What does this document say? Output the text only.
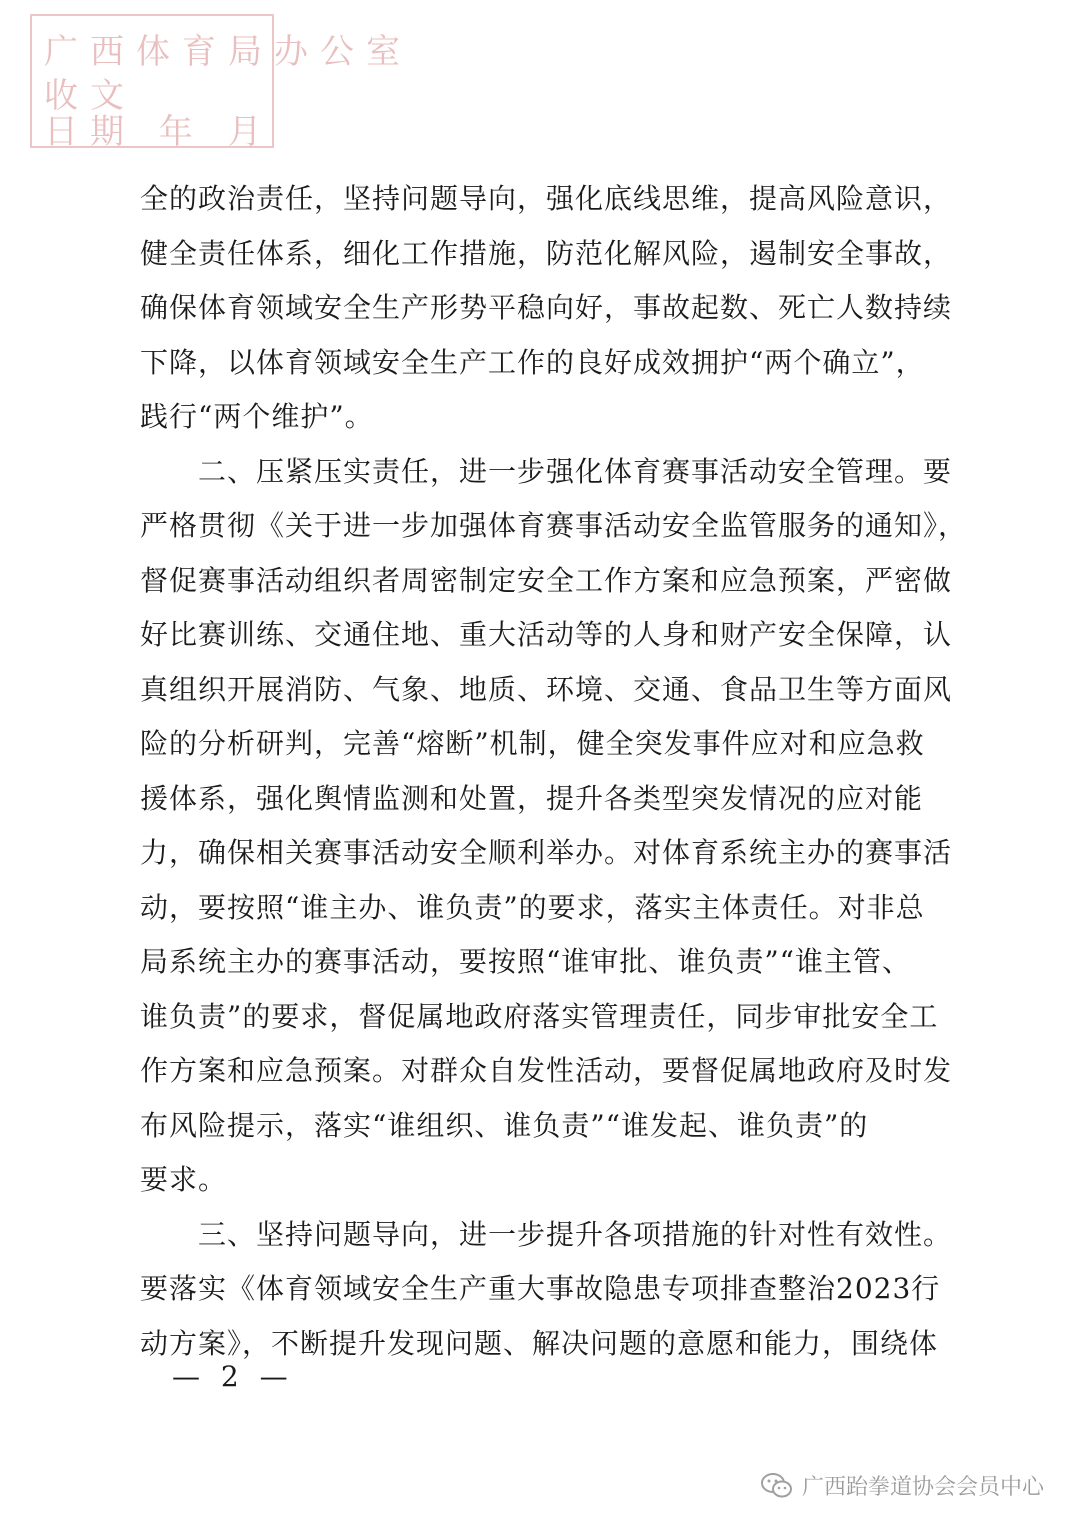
广西体育局办公室
收文
日期 年 月
全的政治责任，坚持问题导向，强化底线思维，提高风险意识，
健全责任体系，细化工作措施，防范化解风险，遏制安全事故，
确保体育领域安全生产形势平稳向好，事故起数、死亡人数持续
下降，以体育领域安全生产工作的良好成效拥护“两个确立”，
践行“两个维护”。
　　二、压紧压实责任，进一步强化体育赛事活动安全管理。要
严格贯彻《关于进一步加强体育赛事活动安全监管服务的通知》，
督促赛事活动组织者周密制定安全工作方案和应急预案，严密做
好比赛训练、交通住地、重大活动等的人身和财产安全保障，认
真组织开展消防、气象、地质、环境、交通、食品卫生等方面风
险的分析研判，完善“熔断”机制，健全突发事件应对和应急救
援体系，强化舆情监测和处置，提升各类型突发情况的应对能
力，确保相关赛事活动安全顺利举办。对体育系统主办的赛事活
动，要按照“谁主办、谁负责”的要求，落实主体责任。对非总
局系统主办的赛事活动，要按照“谁审批、谁负责”“谁主管、
谁负责”的要求，督促属地政府落实管理责任，同步审批安全工
作方案和应急预案。对群众自发性活动，要督促属地政府及时发
布风险提示，落实“谁组织、谁负责”“谁发起、谁负责”的
要求。
　　三、坚持问题导向，进一步提升各项措施的针对性有效性。
要落实《体育领域安全生产重大事故隐患专项排查整治2023行
动方案》，不断提升发现问题、解决问题的意愿和能力，围绕体
— 2 —
广西跆拳道协会会员中心
